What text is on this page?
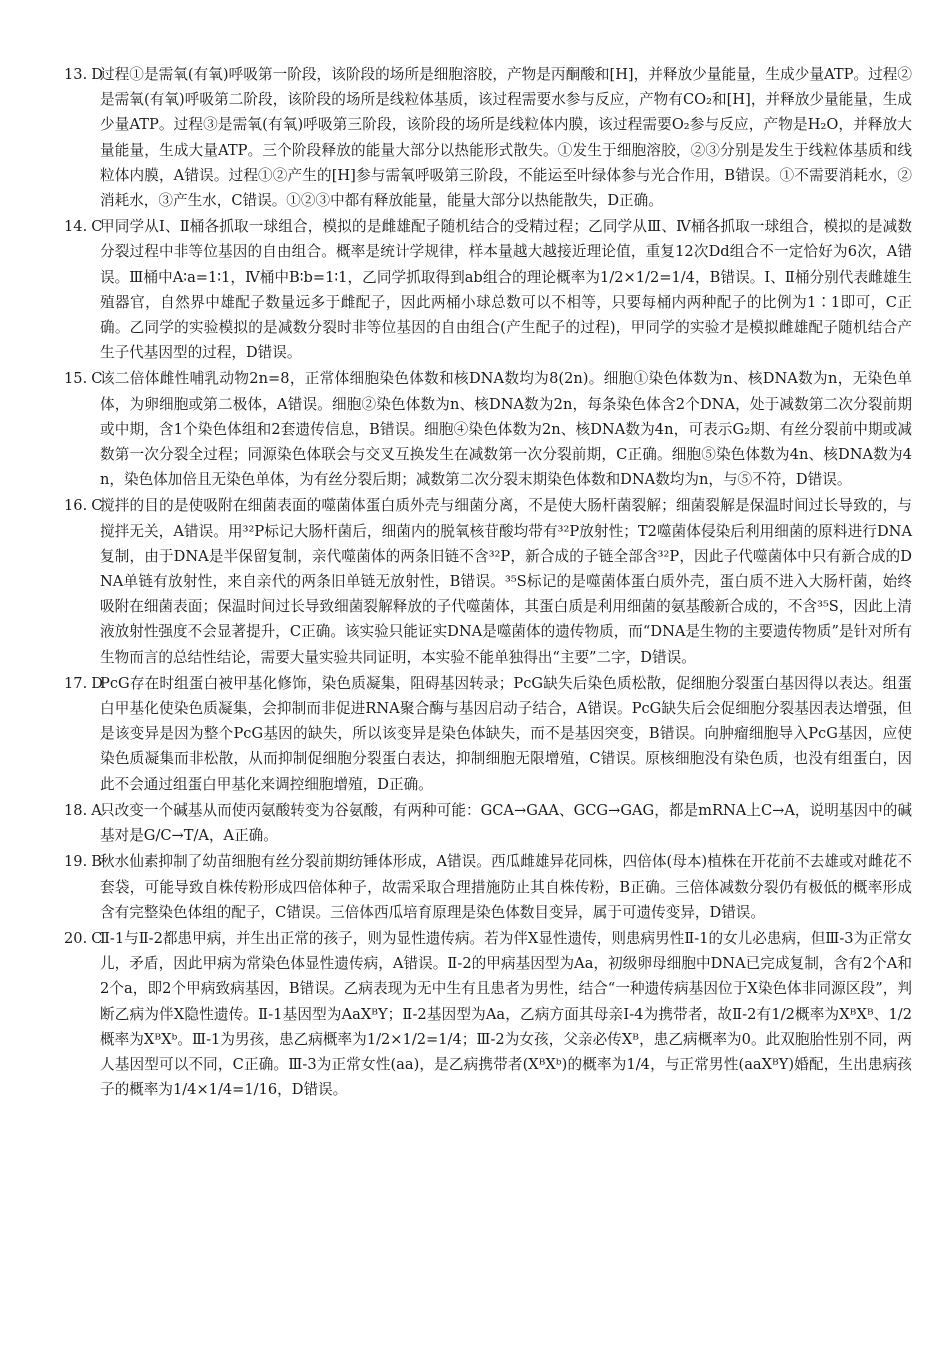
13. D
过程①是需氧(有氧)呼吸第一阶段，该阶段的场所是细胞溶胶，产物是丙酮酸和[H]，并释放少量能量，生成少量ATP。过程②是需氧(有氧)呼吸第二阶段，该阶段的场所是线粒体基质，该过程需要水参与反应，产物有CO₂和[H]，并释放少量能量，生成少量ATP。过程③是需氧(有氧)呼吸第三阶段，该阶段的场所是线粒体内膜，该过程需要O₂参与反应，产物是H₂O，并释放大量能量，生成大量ATP。三个阶段释放的能量大部分以热能形式散失。①发生于细胞溶胶，②③分别是发生于线粒体基质和线粒体内膜，A错误。过程①②产生的[H]参与需氧呼吸第三阶段，不能运至叶绿体参与光合作用，B错误。①不需要消耗水，②消耗水，③产生水，C错误。①②③中都有释放能量，能量大部分以热能散失，D正确。
14. C
甲同学从Ⅰ、Ⅱ桶各抓取一球组合，模拟的是雌雄配子随机结合的受精过程；乙同学从Ⅲ、Ⅳ桶各抓取一球组合，模拟的是减数分裂过程中非等位基因的自由组合。概率是统计学规律，样本量越大越接近理论值，重复12次Dd组合不一定恰好为6次，A错误。Ⅲ桶中A∶a=1∶1，Ⅳ桶中B∶b=1∶1，乙同学抓取得到ab组合的理论概率为1/2×1/2=1/4，B错误。Ⅰ、Ⅱ桶分别代表雌雄生殖器官，自然界中雄配子数量远多于雌配子，因此两桶小球总数可以不相等，只要每桶内两种配子的比例为1∶1即可，C正确。乙同学的实验模拟的是减数分裂时非等位基因的自由组合(产生配子的过程)，甲同学的实验才是模拟雌雄配子随机结合产生子代基因型的过程，D错误。
15. C
该二倍体雌性哺乳动物2n=8，正常体细胞染色体数和核DNA数均为8(2n)。细胞①染色体数为n、核DNA数为n，无染色单体，为卵细胞或第二极体，A错误。细胞②染色体数为n、核DNA数为2n，每条染色体含2个DNA，处于减数第二次分裂前期或中期，含1个染色体组和2套遗传信息，B错误。细胞④染色体数为2n、核DNA数为4n，可表示G₂期、有丝分裂前中期或减数第一次分裂全过程；同源染色体联会与交叉互换发生在减数第一次分裂前期，C正确。细胞⑤染色体数为4n、核DNA数为4n，染色体加倍且无染色单体，为有丝分裂后期；减数第二次分裂末期染色体数和DNA数均为n，与⑤不符，D错误。
16. C
搅拌的目的是使吸附在细菌表面的噬菌体蛋白质外壳与细菌分离，不是使大肠杆菌裂解；细菌裂解是保温时间过长导致的，与搅拌无关，A错误。用³²P标记大肠杆菌后，细菌内的脱氧核苷酸均带有³²P放射性；T2噬菌体侵染后利用细菌的原料进行DNA复制，由于DNA是半保留复制，亲代噬菌体的两条旧链不含³²P，新合成的子链全部含³²P，因此子代噬菌体中只有新合成的DNA单链有放射性，来自亲代的两条旧单链无放射性，B错误。³⁵S标记的是噬菌体蛋白质外壳，蛋白质不进入大肠杆菌，始终吸附在细菌表面；保温时间过长导致细菌裂解释放的子代噬菌体，其蛋白质是利用细菌的氨基酸新合成的，不含³⁵S，因此上清液放射性强度不会显著提升，C正确。该实验只能证实DNA是噬菌体的遗传物质，而“DNA是生物的主要遗传物质”是针对所有生物而言的总结性结论，需要大量实验共同证明，本实验不能单独得出“主要”二字，D错误。
17. D
PcG存在时组蛋白被甲基化修饰，染色质凝集，阻碍基因转录；PcG缺失后染色质松散，促细胞分裂蛋白基因得以表达。组蛋白甲基化使染色质凝集，会抑制而非促进RNA聚合酶与基因启动子结合，A错误。PcG缺失后会促细胞分裂基因表达增强，但是该变异是因为整个PcG基因的缺失，所以该变异是染色体缺失，而不是基因突变，B错误。向肿瘤细胞导入PcG基因，应使染色质凝集而非松散，从而抑制促细胞分裂蛋白表达，抑制细胞无限增殖，C错误。原核细胞没有染色质，也没有组蛋白，因此不会通过组蛋白甲基化来调控细胞增殖，D正确。
18. A
只改变一个碱基从而使丙氨酸转变为谷氨酸，有两种可能：GCA→GAA、GCG→GAG，都是mRNA上C→A，说明基因中的碱基对是G/C→T/A，A正确。
19. B
秋水仙素抑制了幼苗细胞有丝分裂前期纺锤体形成，A错误。西瓜雌雄异花同株，四倍体(母本)植株在开花前不去雄或对雌花不套袋，可能导致自株传粉形成四倍体种子，故需采取合理措施防止其自株传粉，B正确。三倍体减数分裂仍有极低的概率形成含有完整染色体组的配子，C错误。三倍体西瓜培育原理是染色体数目变异，属于可遗传变异，D错误。
20. C
Ⅱ-1与Ⅱ-2都患甲病，并生出正常的孩子，则为显性遗传病。若为伴X显性遗传，则患病男性Ⅱ-1的女儿必患病，但Ⅲ-3为正常女儿，矛盾，因此甲病为常染色体显性遗传病，A错误。Ⅱ-2的甲病基因型为Aa，初级卵母细胞中DNA已完成复制，含有2个A和2个a，即2个甲病致病基因，B错误。乙病表现为无中生有且患者为男性，结合“一种遗传病基因位于X染色体非同源区段”，判断乙病为伴X隐性遗传。Ⅱ-1基因型为AaXᴮY；Ⅱ-2基因型为Aa，乙病方面其母亲Ⅰ-4为携带者，故Ⅱ-2有1/2概率为XᴮXᴮ、1/2概率为XᴮXᵇ。Ⅲ-1为男孩，患乙病概率为1/2×1/2=1/4；Ⅲ-2为女孩，父亲必传Xᴮ，患乙病概率为0。此双胞胎性别不同，两人基因型可以不同，C正确。Ⅲ-3为正常女性(aa)，是乙病携带者(XᴮXᵇ)的概率为1/4，与正常男性(aaXᴮY)婚配，生出患病孩子的概率为1/4×1/4=1/16，D错误。
